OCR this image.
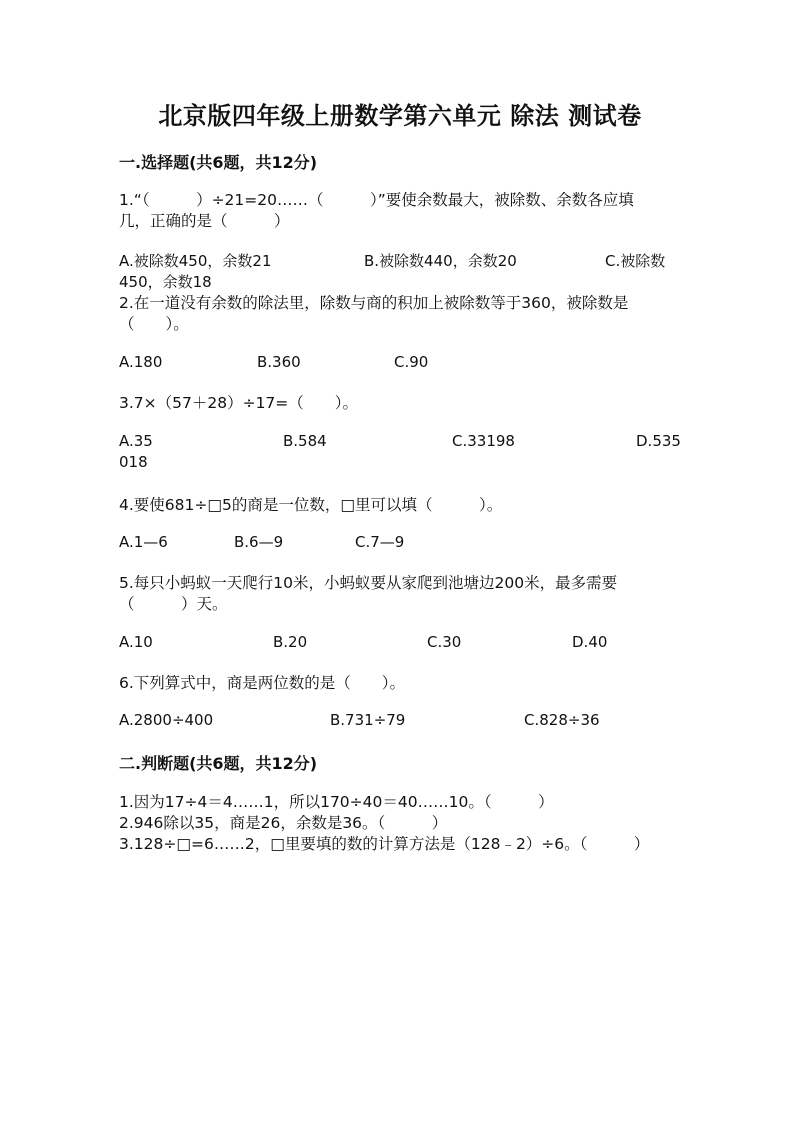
北京版四年级上册数学第六单元 除法 测试卷
一.选择题(共6题，共12分)
1.“（　　　）÷21=20……（　　　）”要使余数最大，被除数、余数各应填
几，正确的是（　　　）
A.被除数450，余数21	B.被除数440，余数20	C.被除数
450，余数18
2.在一道没有余数的除法里，除数与商的积加上被除数等于360，被除数是
（　　）。
A.180	B.360	C.90
3.7×（57＋28）÷17=（　　）。
A.35	B.584	C.33198	D.535
018
4.要使681÷□5的商是一位数，□里可以填（　　　）。
A.1—6	B.6—9	C.7—9
5.每只小蚂蚁一天爬行10米，小蚂蚁要从家爬到池塘边200米，最多需要
（　　　）天。
A.10	B.20	C.30	D.40
6.下列算式中，商是两位数的是（　　）。
A.2800÷400	B.731÷79	C.828÷36
二.判断题(共6题，共12分)
1.因为17÷4＝4……1，所以170÷40＝40……10。（　　　）
2.946除以35，商是26，余数是36。（　　　）
3.128÷□=6……2，□里要填的数的计算方法是（128﹣2）÷6。（　　　）
